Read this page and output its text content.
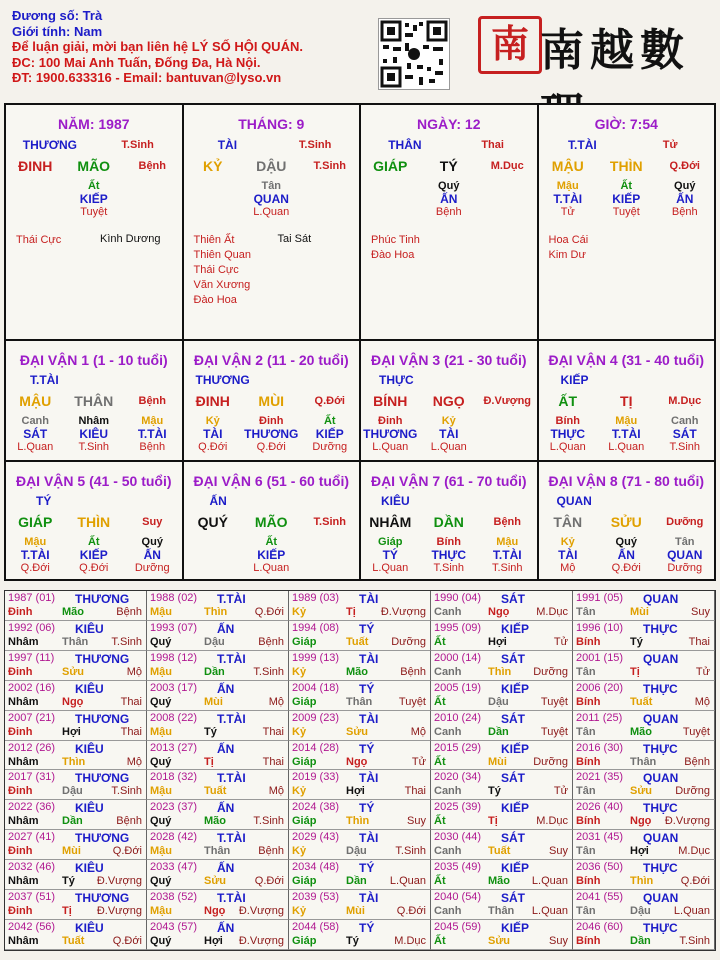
Đương số: Trà
Giới tính: Nam
Để luận giải, mời bạn liên hệ LÝ SỐ HỘI QUÁN.
ĐC: 100 Mai Anh Tuấn, Đống Đa, Hà Nội.
ĐT: 1900.633316 - Email: bantuvan@lyso.vn
南 南越數
NĂM: 1987
THƯƠNG	T.Sinh
ĐINH	MÃO	Bệnh
Ất
KIẾP
Tuyệt
Thái Cực	Kình Dương
THÁNG: 9
TÀI	T.Sinh
KỶ	DẬU	T.Sinh
Tân
QUAN
L.Quan
Thiên Ất
Thiên Quan
Thái Cực
Văn Xương
Đào Hoa
Tai Sát
NGÀY: 12
THÂN	Thai
GIÁP	TÝ	M.Dục
Quý
ẤN
Bệnh
Phúc Tinh
Đào Hoa
GIỜ: 7:54
T.TÀI	Tử
MẬU	THÌN	Q.Đới
Mậu	Ất	Quý
T.TÀI	KIẾP	ẤN
Tử	Tuyệt	Bệnh
Hoa Cái
Kim Dư
ĐẠI VẬN 1 (1 - 10 tuổi)
T.TÀI
MẬU	THÂN	Bệnh
Canh	Nhâm	Mậu
SÁT	KIÊU	T.TÀI
L.Quan	T.Sinh	Bệnh
ĐẠI VẬN 2 (11 - 20 tuổi)
THƯƠNG
ĐINH	MÙI	Q.Đới
Kỷ	Đinh	Ất
TÀI	THƯƠNG	KIẾP
Q.Đới	Q.Đới	Dưỡng
ĐẠI VẬN 3 (21 - 30 tuổi)
THỰC
BÍNH	NGỌ	Đ.Vượng
Đinh	Kỷ
THƯƠNG	TÀI
L.Quan	L.Quan
ĐẠI VẬN 4 (31 - 40 tuổi)
KIẾP
ẤT	TỊ	M.Dục
Bính	Mậu	Canh
THỰC	T.TÀI	SÁT
L.Quan	L.Quan	T.Sinh
ĐẠI VẬN 5 (41 - 50 tuổi)
TÝ
GIÁP	THÌN	Suy
Mậu	Ất	Quý
T.TÀI	KIẾP	ẤN
Q.Đới	Q.Đới	Dưỡng
ĐẠI VẬN 6 (51 - 60 tuổi)
ẤN
QUÝ	MÃO	T.Sinh
Ất
KIẾP
L.Quan
ĐẠI VẬN 7 (61 - 70 tuổi)
KIÊU
NHÂM	DẦN	Bệnh
Giáp	Bính	Mậu
TÝ	THỰC	T.TÀI
L.Quan	T.Sinh	T.Sinh
ĐẠI VẬN 8 (71 - 80 tuổi)
QUAN
TÂN	SỬU	Dưỡng
Kỷ	Quý	Tân
TÀI	ẤN	QUAN
Mộ	Q.Đới	Dưỡng
1987 (01) THƯƠNG
Đinh	Mão	Bệnh
1988 (02) T.TÀI
Mậu	Thìn	Q.Đới
1989 (03) TÀI
Kỷ	Tị Đ.Vượng
1990 (04) SÁT
Canh Ngọ M.Dục
1991 (05) QUAN
Tân	Mùi	Suy
1992 (06) KIÊU
Nhâm Thân T.Sinh
1993 (07) ẤN
Quý	Dậu	Bệnh
1994 (08) TÝ
Giáp	Tuất Dưỡng
1995 (09) KIẾP
Ất	Hợi	Tử
1996 (10) THỰC
Bính	Tý	Thai
1997 (11) THƯƠNG
Đinh	Sửu	Mộ
1998 (12) T.TÀI
Mậu	Dần	T.Sinh
1999 (13) TÀI
Kỷ	Mão	Bệnh
2000 (14) SÁT
Canh Thìn Dưỡng
2001 (15) QUAN
Tân	Tị	Tử
2002 (16) KIÊU
Nhâm Ngọ	Thai
2003 (17) ẤN
Quý	Mùi	Mộ
2004 (18) TÝ
Giáp	Thân Tuyệt
2005 (19) KIẾP
Ất	Dậu	Tuyệt
2006 (20) THỰC
Bính	Tuất	Mộ
2007 (21) THƯƠNG
Đinh	Hợi	Thai
2008 (22) T.TÀI
Mậu	Tý	Thai
2009 (23) TÀI
Kỷ	Sửu	Mộ
2010 (24) SÁT
Canh Dần	Tuyệt
2011 (25) QUAN
Tân	Mão	Tuyệt
2012 (26) KIÊU
Nhâm Thìn	Mộ
2013 (27) ẤN
Quý	Tị	Thai
2014 (28) TÝ
Giáp	Ngọ	Tử
2015 (29) KIẾP
Ất	Mùi Dưỡng
2016 (30) THỰC
Bính	Thân	Bệnh
2017 (31) THƯƠNG
Đinh	Dậu	T.Sinh
2018 (32) T.TÀI
Mậu	Tuất	Mộ
2019 (33) TÀI
Kỷ	Hợi	Thai
2020 (34) SÁT
Canh Tý	Tử
2021 (35) QUAN
Tân	Sửu Dưỡng
2022 (36) KIÊU
Nhâm Dần	Bệnh
2023 (37) ẤN
Quý	Mão T.Sinh
2024 (38) TÝ
Giáp	Thìn	Suy
2025 (39) KIẾP
Ất	Tị	M.Dục
2026 (40) THỰC
Bính	Ngọ Đ.Vượng
2027 (41) THƯƠNG
Đinh	Mùi	Q.Đới
2028 (42) T.TÀI
Mậu	Thân	Bệnh
2029 (43) TÀI
Kỷ	Dậu	T.Sinh
2030 (44) SÁT
Canh Tuất	Suy
2031 (45) QUAN
Tân	Hợi	M.Dục
2032 (46) KIÊU
Nhâm Tý Đ.Vượng
2033 (47) ẤN
Quý	Sửu	Q.Đới
2034 (48) TÝ
Giáp	Dần L.Quan
2035 (49) KIẾP
Ất	Mão L.Quan
2036 (50) THỰC
Bính	Thìn	Q.Đới
2037 (51) THƯƠNG
Đinh	Tị Đ.Vượng
2038 (52) T.TÀI
Mậu	Ngọ Đ.Vượng
2039 (53) TÀI
Kỷ	Mùi	Q.Đới
2040 (54) SÁT
Canh Thân L.Quan
2041 (55) QUAN
Tân	Dậu L.Quan
2042 (56) KIÊU
Nhâm Tuất	Q.Đới
2043 (57) ẤN
Quý	Hợi Đ.Vượng
2044 (58) TÝ
Giáp	Tý	M.Dục
2045 (59) KIẾP
Ất	Sửu	Suy
2046 (60) THỰC
Bính	Dần	T.Sinh
